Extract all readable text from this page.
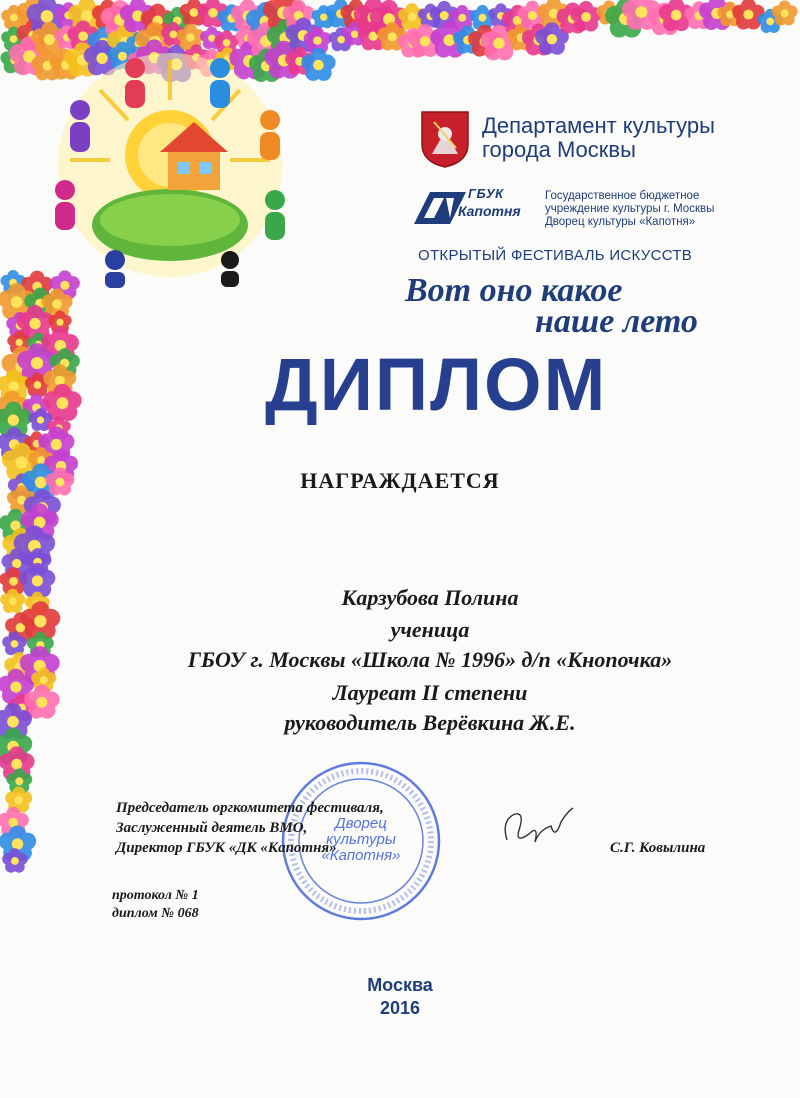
Департамент культуры
города Москвы
ГБУК
Капотня
Государственное бюджетное
учреждение культуры г. Москвы
Дворец культуры «Капотня»
ОТКРЫТЫЙ ФЕСТИВАЛЬ ИСКУССТВ
Вот оно какое
наше лето
ДИПЛОМ
НАГРАЖДАЕТСЯ
Карзубова Полина
ученица
ГБОУ г. Москвы «Школа № 1996» д/п «Кнопочка»
Лауреат II степени
руководитель Верёвкина Ж.Е.
Дворец
культуры
«Капотня»
Председатель оргкомитета фестиваля,
Заслуженный деятель ВМО,
Директор ГБУК «ДК «Капотня»	С.Г. Ковылина
протокол № 1
диплом № 068
Москва
2016
